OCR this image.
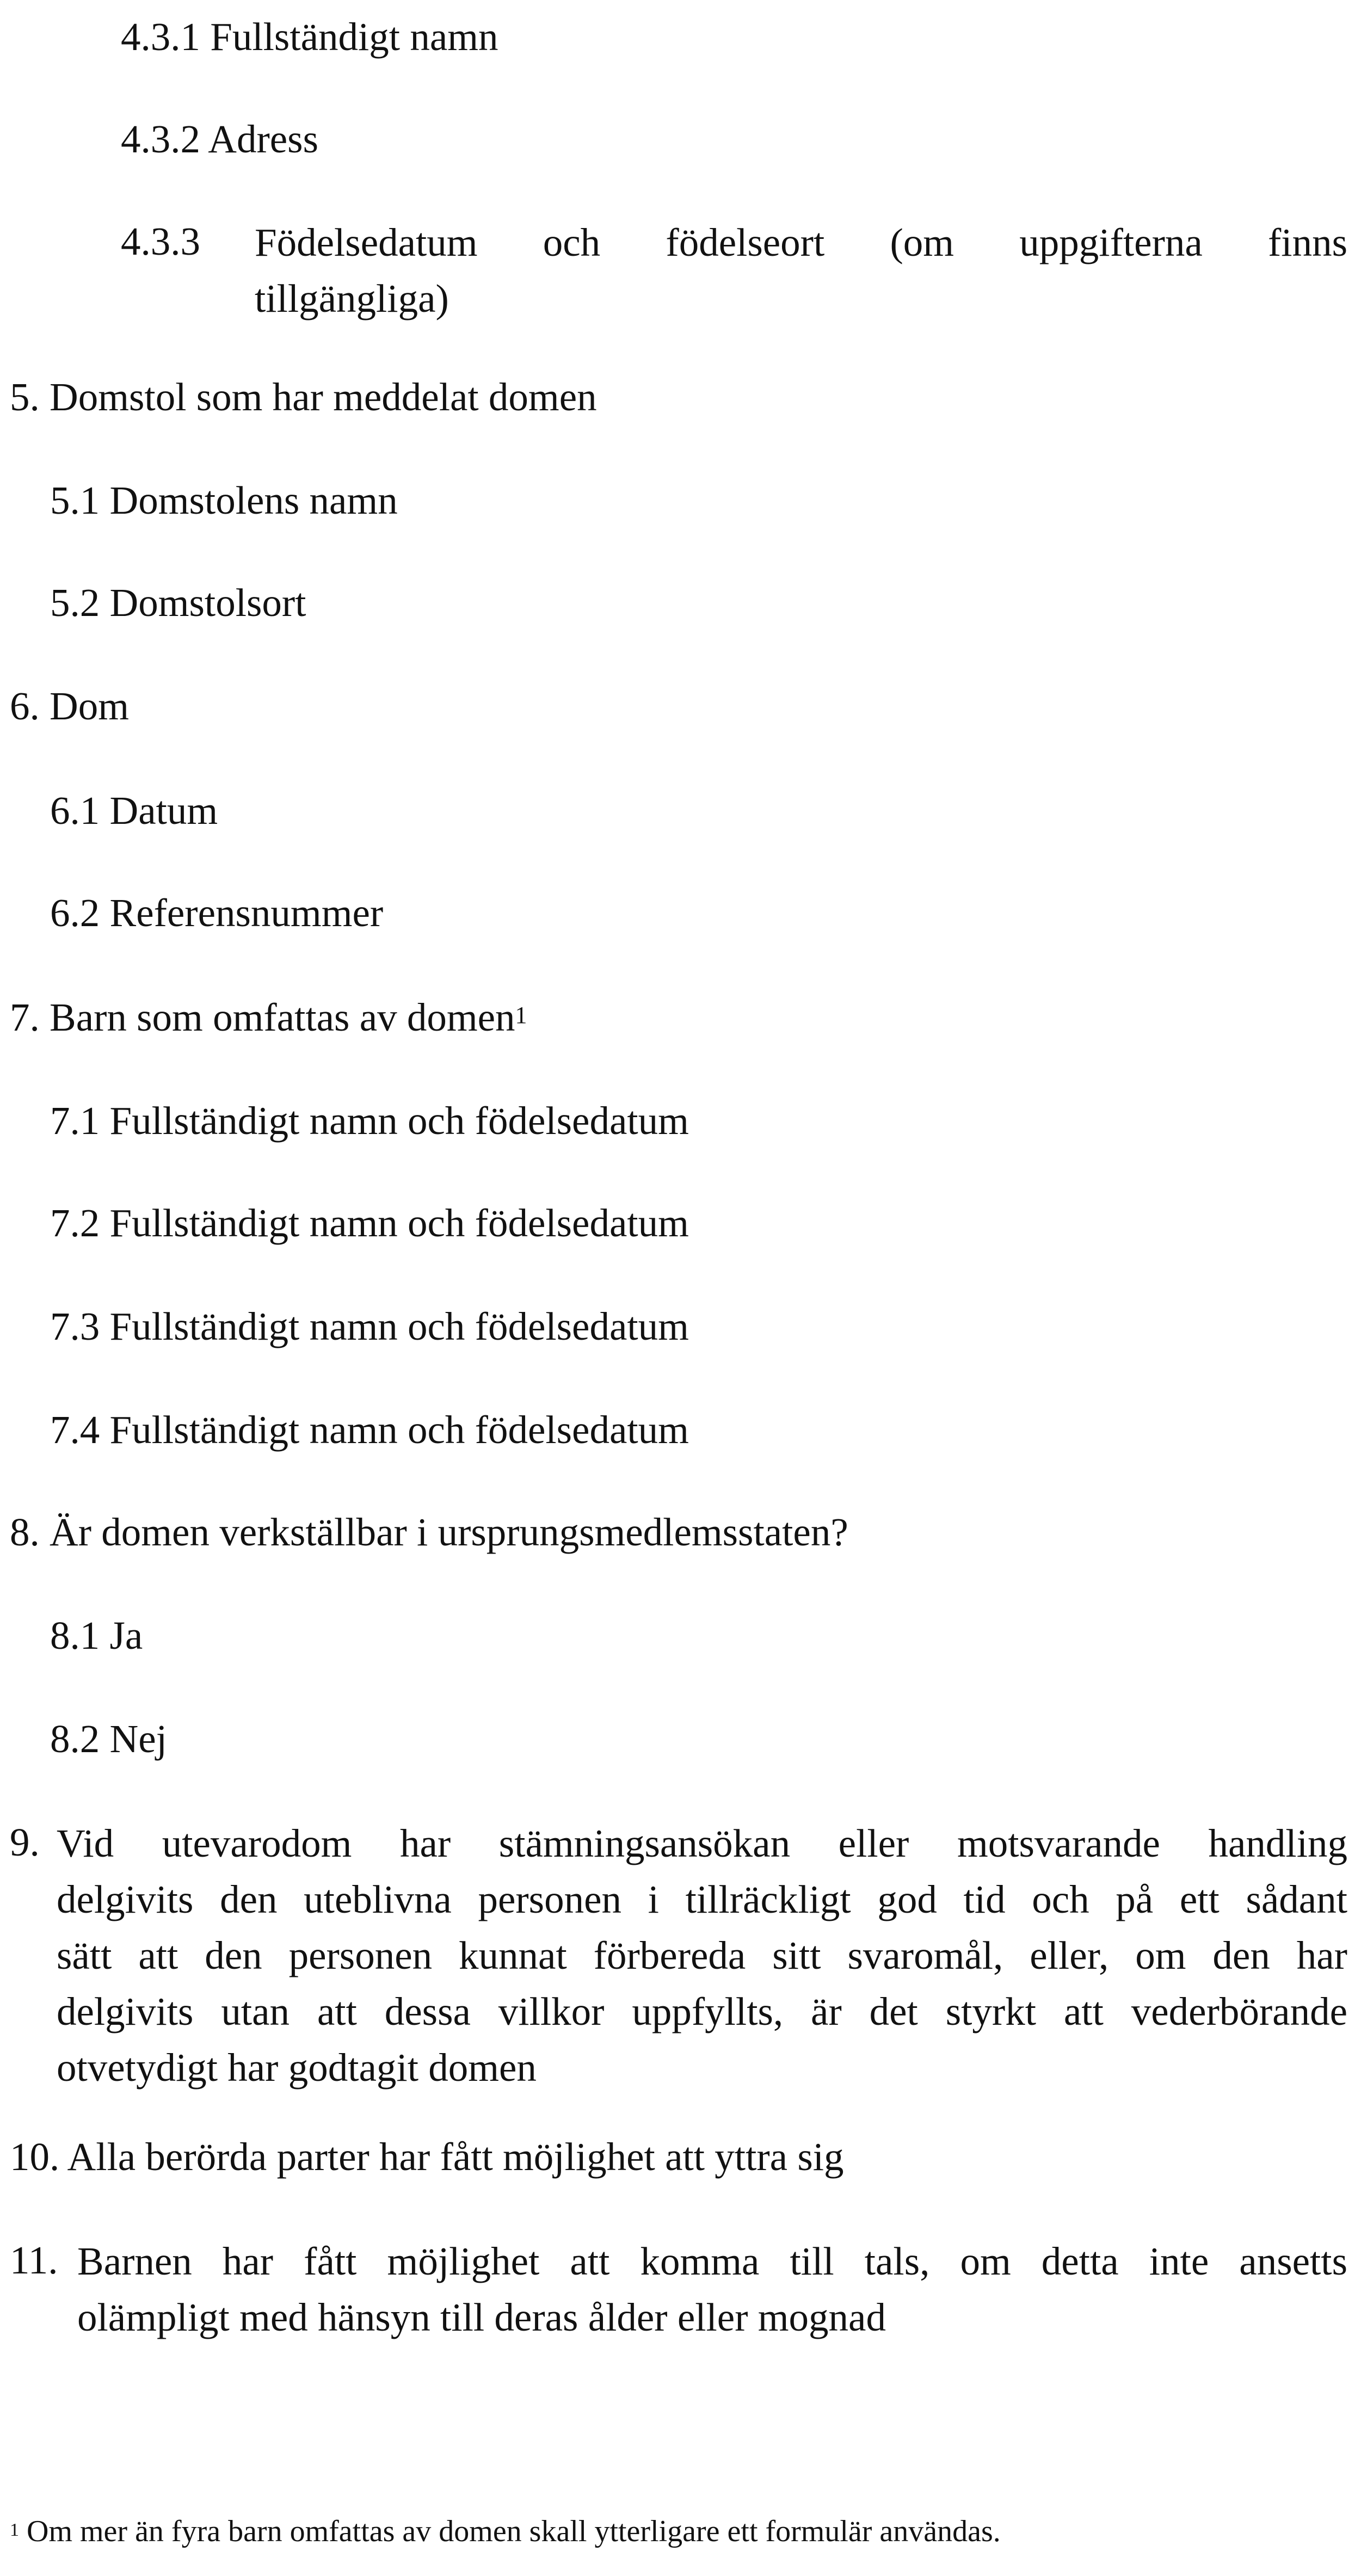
4.3.1 Fullständigt namn
4.3.2 Adress
4.3.3 Födelsedatum och födelseort (om uppgifterna finns
tillgängliga)
5. Domstol som har meddelat domen
5.1 Domstolens namn
5.2 Domstolsort
6. Dom
6.1 Datum
6.2 Referensnummer
7. Barn som omfattas av domen$^1$
7.1 Fullständigt namn och födelsedatum
7.2 Fullständigt namn och födelsedatum
7.3 Fullständigt namn och födelsedatum
7.4 Fullständigt namn och födelsedatum
8. Är domen verkställbar i ursprungsmedlemsstaten?
8.1 Ja
8.2 Nej
9. Vid utevarodom har stämningsansökan eller motsvarande handling
delgivits den uteblivna personen i tillräckligt god tid och på ett sådant
sätt att den personen kunnat förbereda sitt svaromål, eller, om den har
delgivits utan att dessa villkor uppfyllts, är det styrkt att vederbörande
otvetydigt har godtagit domen
10. Alla berörda parter har fått möjlighet att yttra sig
11. Barnen har fått möjlighet att komma till tals, om detta inte ansetts
olämpligt med hänsyn till deras ålder eller mognad
$^1$ Om mer än fyra barn omfattas av domen skall ytterligare ett formulär användas.
